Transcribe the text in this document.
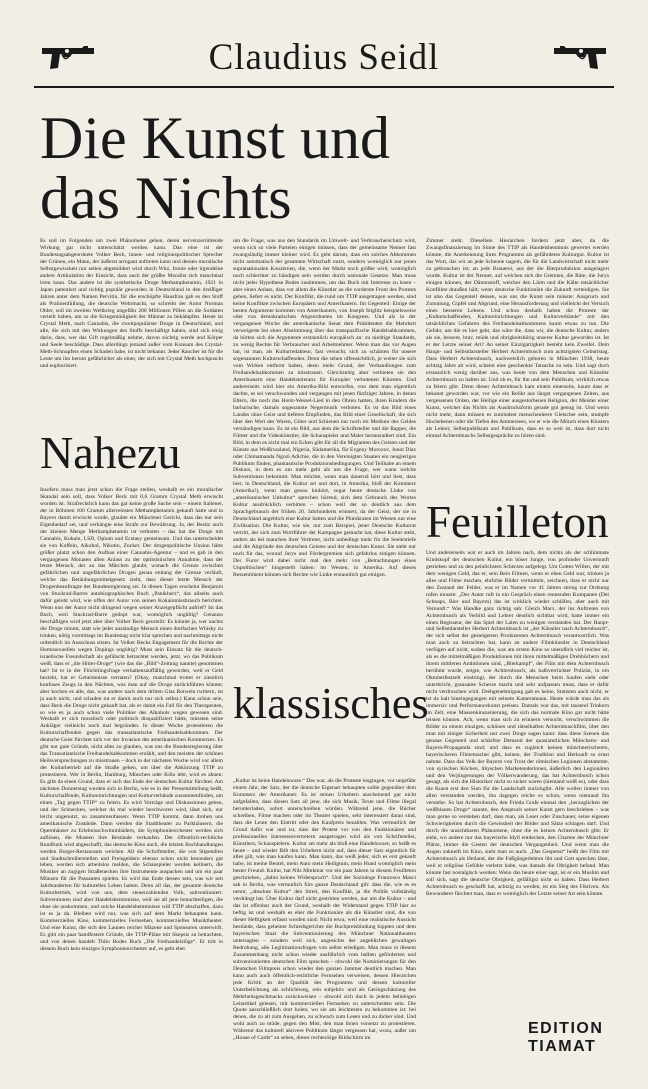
Claudius Seidl
Die Kunst und
das Nichts

Es soll im Folgenden um zwei Phänomene gehen, deren nervenzerrüttende Wirkung gar nicht unterschätzt werden kann. Das eine ist der Bundestagsabgeordnete Volker Beck, innen- und religionspolitischer Sprecher der Grünen, ein Mann, der äußerst arrogant auftreten kann und dessen moralische Selbstgewissheit nur selten abgemildert wird durch Witz, Ironie oder irgendeine andere Artikulation der Einsicht, dass auch der größte Moralist sich manchmal irren kann. Das andere ist die synthetische Droge Methamphetamin, 1921 in Japan patentiert und richtig populär geworden in Deutschland in den dreißiger Jahren unter dem Namen Pervitin, für die erschöpfte Hausfrau gab es den Stoff als Pralinenfüllung, die deutsche Wehrmacht, so schreibt der Autor Norman Ohler, soll im zweiten Weltkrieg ungefähr 200 Millionen Pillen an die Soldaten verteilt haben, um so die Kriegsmüdigkeit der Männer zu bekämpfen. Heute ist Crystal Meth, nach Cannabis, die zweitpopulärste Droge in Deutschland, und alle, die sich mit den Wirkungen des Stoffs beschäftigt haben, sind sich einig darin, dass, wer das Gift regelmäßig nehme, davon süchtig werde und Körper und Seele beschädige. Dass allerdings jemand außer vom Konsum des Crystal-Meth-Schnupfers einen Schaden habe, ist nicht bekannt. Jeder Raucher ist für die Leute um ihn herum gefährlicher als einer, der sich mit Crystal Meth hochpuscht und euphorisiert.

Nahezu

Insofern muss man jetzt schon die Frage stellen, weshalb es ein moralischer Skandal sein soll, dass Volker Beck mit 0,6 Gramm Crystal Meth erwischt worden ist. Strafrechtlich kann das gar keine große Sache sein – einem Italiener, der in Böhmen 100 Gramm allerreinstes Methamphetamin gekauft hatte und in Bayern damit erwischt wurde, glaubte ein Münchner Gericht, dass das nur sein Eigenbedarf sei, und verhängte eine Strafe zur Bewährung. Ja, der Besitz auch der kleinen Menge Methamphetamin ist verboten – das hat die Droge mit Cannabis, Kokain, LSD, Opium und Ecstasy gemeinsam. Und das unterscheidet sie von Koffein, Alkohol, Nikotin, Zucker. Der drogenpolitische Unsinn hätte größer platzt schon den Aufbau einer Cannabis-Agentur – und es gab in den vergangenen Monaten allen Anlass zu der optimistischen Annahme, dass der letzte Mensch, der an das Märchen glaubt, wonach die Grenze zwischen gefährlichen und ungefährlichen Drogen genau entlang der Grenze verläuft, welche das Betäubungsmittelgesetz zieht, dass dieser letzte Mensch der Drogenbeauftragte der Bundesregierung sei. In diesen Tagen erscheint Benjamin von Stuckrad-Barres autobiographisches Buch „Panikherz“, das allseits auch dafür gelobt wird, wie offen der Autor von seinen Kokainmissbrauch berichtet. Wenn nun der Autor nicht dringend wegen seiner Anzeigepflicht aufrief? Ist das Buch, weil Stuckrad-Barre gedopt war, womöglich ungültig? Genauso beschäftigen wird jetzt aber über Volker Beck geurteilt: Es könnte ja, wer nachts die Droge nimmt, statt wie jeder anständige Mensch einen dreifachen Whisky zu trinken, nötig vormittags im Bundestag nicht klar sprechen und nachmittags nicht ordentlich im Ausschuss sitzen. Ist Volker Becks Engagement für die Rechte der Homosexuellen wegen Dopings ungültig? Muss sein Einsatz für die deutsch-israelische Freundschaft als gefälscht betrachtet werden, jetzt, wo das Publikum weiß, dass er „die Hitler-Droge“ (wie das die „Bild“-Zeitung nannte) genommen hat? Ist er in der Flüchtlingsfrage verhaltensauffällig geworden, weil er Geld bezieht, hat er Geheimnisse verraten? (Okay, manchmal trottet er ziemlich konfuses Zeugs in den Nächten, was man auf die Droge zurückführen könnte; aber kochen es alle, das, was andere nach dem dritten Glas Rotwein twittern, ist ja auch nicht, und schaden tut er damit auch nur sich selbst.) Kann schon sein, dass Beck die Droge nicht gekauft hat, als er damit ein Fall für den Therapeuten, so wie es ja auch schon viele Politiker des Alkohols wegen gewesen sind. Weshalb er sich moralisch oder politisch disqualifiziert hätte, müssten seine Ankläger vielleicht noch mal begründen. In dieser Woche protestieren die Kulturschaffenden gegen das transatlantische Freihandelsabkommen. Der deutsche Geist fürchtet sich vor der Invasion des amerikanischen Kommerzes. Es gibt nur gute Gründe, nicht alles zu glauben, was uns die Bundesregierung über das Transatlantische Freihandelsabkommen erzählt, und den meisten der schönen Heilsversprechungen zu misstrauen – doch in der nächsten Woche wird vor allem der Kulturbetrieb auf die Straße gehen, um über die Abkürzung TTIP zu protestieren. Wer in Berlin, Hamburg, München oder Köln lebt, wird es ahnen: Es gibt da einen Grund, dass er sich das Ende der deutschen Kultur fürchtet. Am nächsten Donnerstag wurden sich in Berlin, wie es in der Pressemitteilung heißt, Kulturschaffende, Kultureinrichtungen und Kulturverbände zusammenfinden, um einen „Tag gegen TTIP“ zu feiern. Es wird Vorträge und Diskussionen geben, und der Schnecken, welcher da mal wieder beschworen wird, lässt sich, nur leicht ungenutzt, so zusammenfassen: Wenn TTIP kommt, dann drohen uns amerikanische Zustände. Dann werden die Stadttheater zu Parkhäusern, die Opernhäuser zu Erlebnisschwimmbädern, die Symphonieorchester werden sich auflösen, die Museen ihre Bestände verkaufen. Der öffentlich-rechtliche Rundfunk wird abgeschafft, das deutsche Kino auch, die letzten Buchhandlungen werden Burger-Restaurants weichen. All die Schriftsteller, die von Stipendien und Stadtschreiberstellen und Preisgeldern ebenso schon nicht besonders gut leben, werden sich arbeitslos melden, die Schauspieler werden kellnern, die Musiker an zugigen Straßenecken ihre Instrumente auspacken und um ein paar Münzen für die Passanten spielen. Es wird das Ende dessen sein, was wir seit Jahrhunderten für kulturelles Leben halten. Denn all das, der gesamte deutsche Kulturbetrieb, wird von uns, dem steuerzahlenden Volk, subventioniert. Subventionen sind aber Handelshemmnisse, weil sie all jene benachteiligen, die ohne sie auskommen, und solche Handelshemmnisse will TTIP abschaffen, dazu ist es ja da. Bleiben wird nur, was sich auf dem Markt behaupten kann. Kommerzielles Kino, kommerzielles Fernsehen, kommerzielles Musiktheater. Und eine Kunst, die sich den Launen reicher Mäzene und Sponsoren unterwirft. Es gibt ein paar handfestere Gründe, die TTIP-Pläne mit Skepsis zu betrachten, und von denen handelt Thilo Bodes Buch „Die Freihandelslüge“. Er tritt in diesem Buch kein einziges Symphonieorchester auf, es geht eher

um die Frage, was aus den Standards im Umwelt- und Verbraucherschutz wird, wenn sich so viele Parteien einigen müssen, dass der gemeinsame Nenner fast zwangsläufig immer kleiner wird. Es geht darum, dass ein solches Abkommen nicht automatisch der gesamten Wirtschaft nutzt, sondern womöglich nur jenen supranationalen Konzernen, die, wenn der Markt noch größer wird, womöglich noch schlechter zu bändigen sein werden durch nationale Gesetze. Man muss nicht jeder Hypothese Bodes zustimmen, um das Buch mit Interesse zu lesen – aber einen Anlass, dass vor allem die Künstler an die vorderste Front des Protests gehen, liefert es nicht. Der Konflikt, die rund um TTIP ausgetragen werden, sind keine Konflikte zwischen Europäern und Amerikanern. Im Gegenteil: Einige der besten Argumente kommen von Amerikanern, von Joseph Stiglitz beispielsweise oder von demokratischen Abgeordneten im Kongress. Und als in der vergangenen Woche der amerikanische Senat dem Präsidenten die Mehrheit verweigerte bei einer Abstimmung über das transpazifische Handelsabkommen, da hörten sich die Argumente erstaunlich europäisch an: zu niedrige Standards, zu wenig Rechte für Verbraucher und Arbeitnehmer. Wenn man das vor Augen hat, ist man, als Kulturredakteur, fast versucht, sich zu schämen für unsere sogenannten Kulturschaffenden. Denn die sehen offensichtlich, je weiter sie sich vom Wirken entfernt haben, desto mehr Grund, der Verhandlungen zum Freihandelsabkommen zu misstrauen. Gleichzeitig aber verbieten sie den Amerikanern eine Handelstoleranz für Europäer verbotenen Künsten. Und andererseits wird hier ein Amerika-Bild entworfen, von dem man eigentlich dachte, es sei verschwunden und vergangen mit jenen fünfziger Jahren, in denen Eltern, die noch das Horst-Wessel-Lied in den Ohren hatten, ihren Kindern die barbarische, damals sogenannte Negermusik verboten. Es ist das Bild eines Landes ohne Geist und tieferes Empfinden, das Bild einer Gesellschaft, die sich über den Wert des Waren, Güter und Schienen nur noch im Medium des Geldes verständigen kann. Es ist ein Bild, aus dem die Schriftsteller und die Rapper, die Filmer und die Videokünstler, die Schauspieler und Maler herausradiert sind. Ein Bild, in dem es nicht mal ein Ecken gibt für all die Migranten des Geistes und der Künste aus Weißrussland, Nigeria, Südamerika, für Evgeny Morozov, Junot Diaz oder Chimamanda Ngozi Adichie, die in den Vereinigten Staaten ein neugieriges Publikum finden, phantastische Produktionsbedingungen. Und Teilhabe an einem Diskurs, in dem es um mehr geht als um die Frage, wer wann welche Subventionen bekommt. Man möchte, wenn man dauernd hört und liest, dass hier, in Deutschland, die Kultur sei und dort, in Amerika, bloß der Kommerz (Amerika!), wenn man genau hinhört, sogar heute deutsche Linke von „amerikanischer Unkultur“ sprechen hörend, sich dem Gebrauch des Wortes Kultur ausdrücklich verbitten – schon weil der so deutlich aus dem Sprachgebrauch der frühen 20. Jahrhunderts erinnert, da der Geist, der sie in Deutschland angeblich eine Kultur hatten und die Plutokraten im Westen nur eine Zivilisation. Die Kultur, wie sie, nur zum Beispiel, jener Deutsche Kulturrat vertritt, der sich zum Wortführer der Kampagne gemacht hat, diese Kultur steht, anders als bei manchen ihrer Vertreter, nicht unbedingt mehr für die Seelentiefe und die Abgründe des deutschen Geistes und der deutschen Kunst. Sie steht nur noch für das, worauf Jurys und Fördergremien sich gefahrlos einigen können. Der Furor wird dabei nicht mal den mehr von „Betrachtungen eines Unpolitischen“ hingestellt haben: im Westen, in Amerika. Auf dieses Ressentiment können sich Rechte wie Linke erstaunlich gut einigen.

klassisches

„Kultur ist keine Handelsware.“ Das war, als die Proteste losgingen, vor ungefähr einem Jahr, der Satz, der die deutsche Eigenart behaupten sollte gegenüber dem Kommerz der Amerikaner. Es ist seinen Urhebern anscheinend gar nicht aufgefallen, dass diesen Satz all jene, die sich Musik, Texte und Filme illegal herunterladen, sofort unterschreiben würden. Während jene, die Bücher schreiben, Filme machen oder im Theater spielen, sehr interessiert daran sind, dass die Leute den Eintritt oder den Kaufpreis bezahlen. Was vermutlich der Grund dafür war und ist, dass der Protest vor von den Funktionären und professionellen Interessenvertretern ausgetragen wird als von Schriftsteller, Künstlern, Schauspielern. Kultur sei mehr als bloß eine Handelsware, so heißt es heute – und wieder fällt den Urhebern nicht auf, dass dieser Satz eigentlich für alles gilt, was man kaufen kann. Man kann, das weiß jeder, sich es erst gekauft habe, ist meine Beutel, mein Auto mein Heiligtum, mein Hund womöglich mein bester Freund. Kultur, hat Nils Minkmar vor ein paar Jahren in diesem Feuilleton geschrieben, „dahin keinen Widerspruch“. Und der Soziologe Francesco Masci sah in Berlin, was vermutlich fürs ganze Deutschland gilt: dass die, wie es es nennt, „absolute Kultur“ den Streit, den Konflikt, ja die Politik vollständig verdrängt hat. Über Kultur darf nicht gestritten werden, nur um die Kultur – und das ist offenbar auch der Grund, weshalb der Widerstand gegen TTIP hier so heftig ist und weshalb es eher die Funktionäre als die Künstler sind, die von dieser Heftigkeit erfasst worden sind: Nicht etwa, weil eine realistische Aussicht bestünde, dass geheime Schiedsgerichte die Buchpreisbindung kippten und dem bayerischen Staat die Subventionierung des Münchner Nationaltheaters untersagten – sondern weil sich, angesichts der angeblichen gewaltigen Bedrohung, alle Legitimationsfragen von selbst erledigen. Man muss in diesem Zusammenhang nicht schon wieder ausführlich vom halben geförderten und subventionierten deutschen Film sprechen – obwohl die Nominierungen für den Deutschen Filmpreis schon wieder den ganzen Jammer deutlich machen. Man kann auch auch öffentlich-rechtliche Fernsehen verweisen, dessen Hierarchen jede Kritik an der Qualität des Programms und dessen kultureller Unterbelichtung als schlichtweg, rein subjektiv und als Geringschätzung des Mehrheitsgeschmacks zurückweisen – obwohl sich doch in jedem beliebigen Leitartikel gelesen, mit kommerziellen Fernsehen zu unterscheiden sein. Die Quote ausschließlich dort holen, wo sie am leichtesten zu bekommen ist: bei denen, die zu alt zum Ausgehen, zu schwach zum Lesen und zu dicker sind. Und wohl auch zu müde, gegen den Mist, den man ihnen vorsetzt zu protestieren. Während das kulturell aktivere Publikum längst vergessen hat, wozu, außer um „House of Cards“ zu sehen, dieser rechteckige Bildschirm im

Zimmer steht. Dieselben Hierarchen fordern jetzt aber, da die Zwangsfinanzierung im Sinne des TTIP als Handelshemmnis gewertet werden könnte, die Anerkennung ihres Programms als gefährdetes Kulturgut. Kultur ist das Wort, das wir an jede Scheune nageln, die für die Landwirtschaft nicht mehr zu gebrauchen ist; an jede Brauerei, aus der die Bierproduktion ausgelagert wurde. Kultur ist der Nenner, auf welchen sich die Gremien, die Räte, die Jurys einigen können, der Dämmstoff, welcher den Lärm und die Kälte tatsächlicher Konflikte draußen hält; wenn deutsche Funktionäre die Zukunft verteidigen. Sie ist also das Gegenteil dessen, was uns die Kunst sein müsste: Anspruch und Zumutung, Gipfel und Abgrund, eine Herausforderung und vielleicht der Versuch eines besseren Lebens. Und schon deshalb haben die Proteste der „Kulturschaffenden, Kultureinrichtungen und Kulturverbände“ mit den tatsächlichen Gefahren des Freihandelsabkommens kaum etwas zu tun. Die Gefahr, um die es hier geht, das wäre die, dass wir, die deutsche Kultur, anders als sie, bessere, brav, müde und obrigkeitshörig unserer Kultur geworden ist. Ist er der Letzte seiner Art? An seiner Einzigartigkeit besteht kein Zweifel. Dem Haupt- und Selbstdarsteller Herbert Achternbusch zum achtzigsten Geburtstag. Dass Herbert Achternbusch, nachweislich geboren in München 1938, heute achtzig Jahre alt wird, scheint eine geschenkte Tatsache zu sein. Und sagt doch erstaunlich wenig darüber aus, was heute von dem Menschen und Künstler Achternbusch zu halten ist. Und ob es, für ihn und sein Publikum, wirklich etwas zu feiern gibt. Denn dieser Achternbusch kam einem einerseits, kaum dass er bekannt geworden war, vor wie ein Relikt aus längst vergangenen Zeiten, aus vergessenen Orden, der Heilige einer ausgestorbenen Religion, der Meister einer Kunst, welcher das Nichts als Ausdrucksform gerade gut genug ist. Und wenn nicht mehr, dann müssen es zumindest menschenleere Gletscher sein, stumpfe Hochebenen oder die Tiefen des Ammersees, wo er wie die Mönch eines Klosters als Lehrer, Selbstpublikum und Publikum, dass es so weit ist, dass dort nicht einmal Achternbuschs Selbstgespräche zu hören sind.

Feuilleton

Und andererseits war er auch im Jahren nach, dem nichts als der schlimmste Kindskopf der deutschen Kultur, ein böser Junge, von profunder Unvernunft getrieben und zu den peinlichsten Scherzen aufgelegt. Um Gottes Willen, der mit dem wenigen Geld, das er, sein Bein Filmen, wenn er eben Geld war, trinken ja alles und Filme machen, ehrliche Bilder vermitteln, zeichnen, dass er nicht nur den Zustand der Fehler, was er im Namen vor 41 Jahren streng zur Ordnung rufen musste: „Der Autor ruft in ein Gespräch einen rennenden Kumpanen (Dei Schnaps, Bier und Bayern) das ist wirklich wieder schläfen, aber auch mit Vernunft.“ Was Handke ganz richtig sah: Gleich Marx, der ins Auftreten von Achternbusch als Verbild und Lehrer deutlich sichtbar wird, hatte immer ein einen Regisseur, der das Spiel der Laien zu wenigen verstanden hat. Der Haupt- und Selbstdarsteller Herbert Achternbusch ist „der Künstler nach Achternbusch“, der sich selbst der gesteigerten Produzenten Achternbusch verantwortlich. Was man auch zu betrachten hat, kann an andere Filmkünstler in Deutschland verfügen auf nicht, sodass die, was am ersten Kino so unendlich viel reicher ist, als es die mittelmäßigen Produktionen mit ihren mittelmäßigen Drehbüchern und ihrem mittleren Ambitionen sind, „Bierkampf“, der Film mit dem Achternbusch berühmt wurde, zeigte, wie Achternbusch, als halbverrückter Polizist, in ein Oktoberfestzelt eindringt, der durch die Menschen beim Saufen sieht oder unterbricht, grausame Scherze macht und sehr aufpassen muss, dass er dafür nicht verdroschen wird. Drehgenehmigung gab es keine, Statisten auch nicht, er ist da halt hineingegangen mit seinem Kameramann. Heute würde man das als immersiv und Performancekunst preisen. Damals war das, mit tausend Trinkern im Zelt, eine Massenkinszenierung, die sich das normale Kino gar nicht hätte leisten können. Ach, wenn man sich zu erinnern versucht, verschwimmen die Bilder zu einem einzigen, schönen und rätselhaften Achternbuschfilm, über den man mit einiger Sicherheit nur zwei Dinge sagen kann: dass diese Szenen das genaue Gegenteil und schärfste Dementi der quasiamtlichen Münchens- und Bayern-Propaganda sind; und dass es zugleich keinen münchnerischeren, bayerischeren Filmemacher gibt, keinen, der Tradition und Herkunft so ernst nahme. Dass das Volk der Bayern von Trost der römischen Legionen abstammte, von syrischen Köchen, libyschen Marketenderinnen, äußerlich den Legionären und den Verjüngerungen der Völkerwanderung, das hat Achternbusch schon gesagt, als sich die Historiker nicht so sicher waren (niemand weiß es), oder dass die Kunst erst den Sinn für die Landschaft zurückgibt. Alle wollen immer von allen verstanden werden, ihn dagegen reiche es schon, wenn niemand ihn verstehe: So hat Achternbusch, den Frieda Grafe einmal den „herzoglichen der weißblauen Droge“ nannte, den Anspruch seiner Kunst gern beschrieben – was man gerne so verstehen darf, dass man, als Leser oder Zuschauer, seine eigenen Schwierigkeiten durch die Gewissheit der Bilder und Sätze schlagen darf. Und durch die unsichtbaren Phänomene, ohne die es keinen Achternbusch gibt: Er sieht, wo andere nur das bayerische Idyll entdecken, den Charme der Münchner Plätze, immer die Gesten der deutschen Vergangenheit. Und wenn man die Augen zukneift im Kino, sieht man so auch. „Das Gespenst“ heißt der Film mit Achternbusch als Heiland, der die Fußgängerlehren übt und Gott sprechen lässt, weil er religiöse Gefühle verletzt habe, was damals die Obrigkeit befand. Man könnte fast nostalgisch werden: Wenn das heute einer sagt, ist er ein Muslim und soll sich, sagt die deutsche Obrigkeit, gefälligst nicht so haben. Dass Herbert Achternbusch es geschafft hat, achtzig zu werden, ist ein Sieg des Fiktiven. Als Bewunderer fürchtet man, dass er womöglich der Letzte seiner Art sein könnte.

EDITION
TIAMAT
